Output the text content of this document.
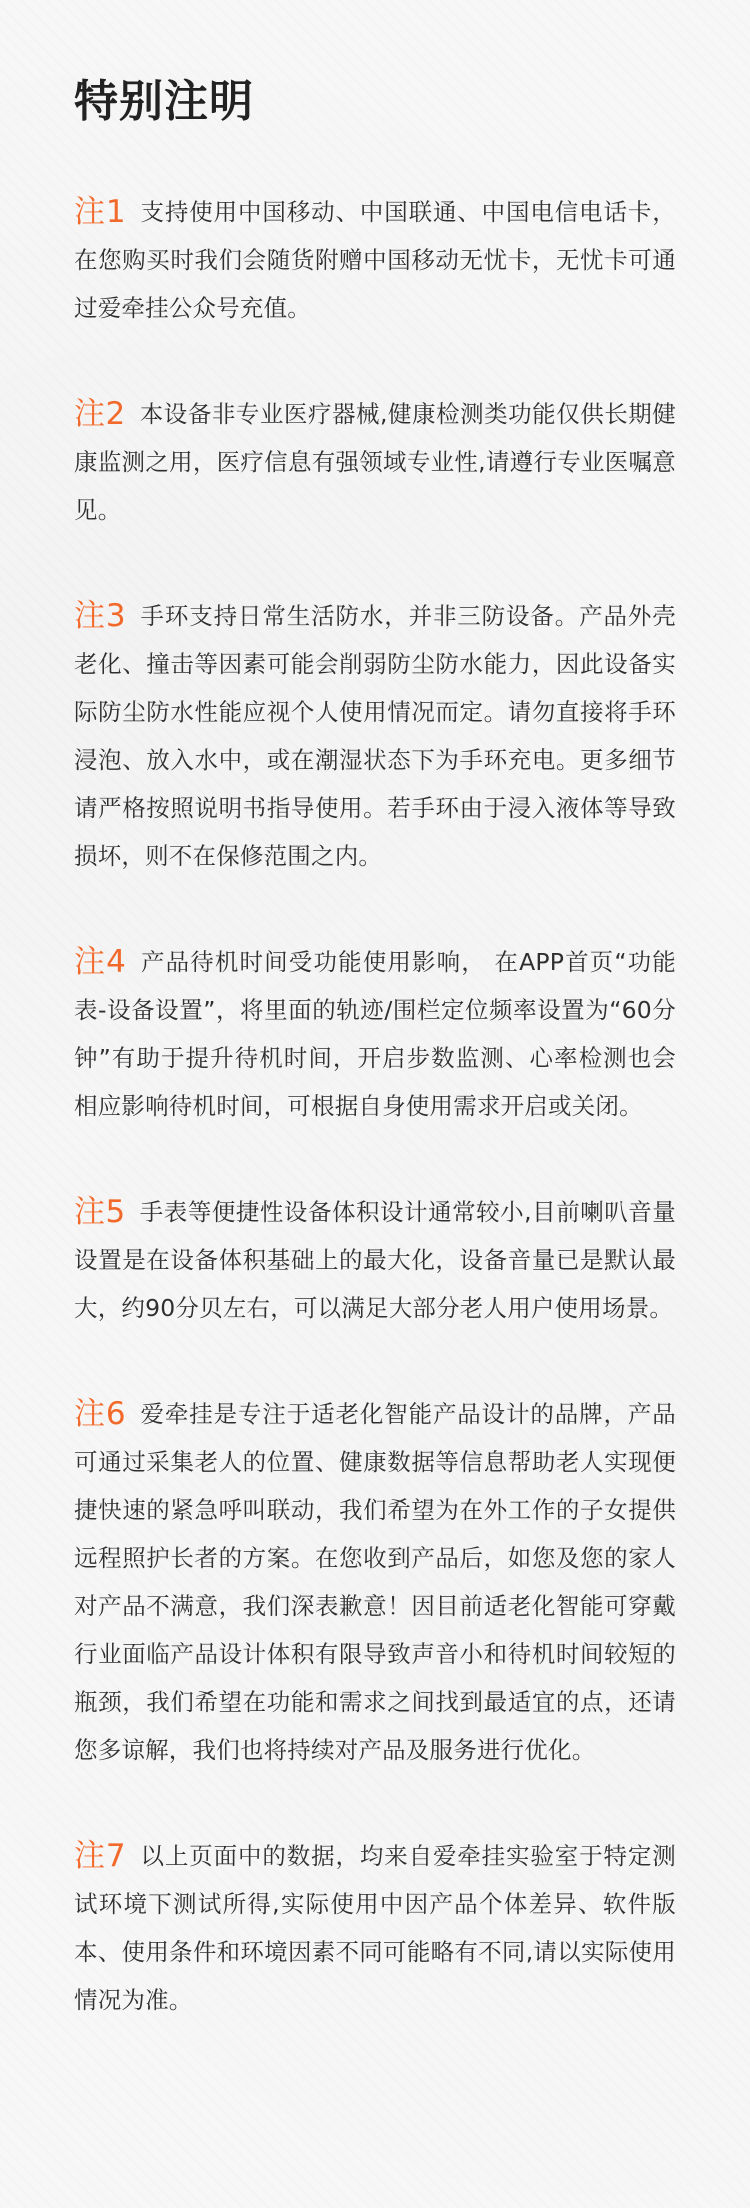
特别注明

注1 支持使用中国移动、中国联通、中国电信电话卡，在您购买时我们会随货附赠中国移动无忧卡，无忧卡可通过爱牵挂公众号充值。

注2 本设备非专业医疗器械,健康检测类功能仅供长期健康监测之用，医疗信息有强领域专业性,请遵行专业医嘱意见。

注3 手环支持日常生活防水，并非三防设备。产品外壳老化、撞击等因素可能会削弱防尘防水能力，因此设备实际防尘防水性能应视个人使用情况而定。请勿直接将手环浸泡、放入水中，或在潮湿状态下为手环充电。更多细节请严格按照说明书指导使用。若手环由于浸入液体等导致损坏，则不在保修范围之内。

注4 产品待机时间受功能使用影响， 在APP首页“功能表-设备设置”，将里面的轨迹/围栏定位频率设置为“60分钟”有助于提升待机时间，开启步数监测、心率检测也会相应影响待机时间，可根据自身使用需求开启或关闭。

注5 手表等便捷性设备体积设计通常较小,目前喇叭音量设置是在设备体积基础上的最大化，设备音量已是默认最大，约90分贝左右，可以满足大部分老人用户使用场景。

注6 爱牵挂是专注于适老化智能产品设计的品牌，产品可通过采集老人的位置、健康数据等信息帮助老人实现便捷快速的紧急呼叫联动，我们希望为在外工作的子女提供远程照护长者的方案。在您收到产品后，如您及您的家人对产品不满意，我们深表歉意！因目前适老化智能可穿戴行业面临产品设计体积有限导致声音小和待机时间较短的瓶颈，我们希望在功能和需求之间找到最适宜的点，还请您多谅解，我们也将持续对产品及服务进行优化。

注7 以上页面中的数据，均来自爱牵挂实验室于特定测试环境下测试所得,实际使用中因产品个体差异、软件版本、使用条件和环境因素不同可能略有不同,请以实际使用情况为准。
